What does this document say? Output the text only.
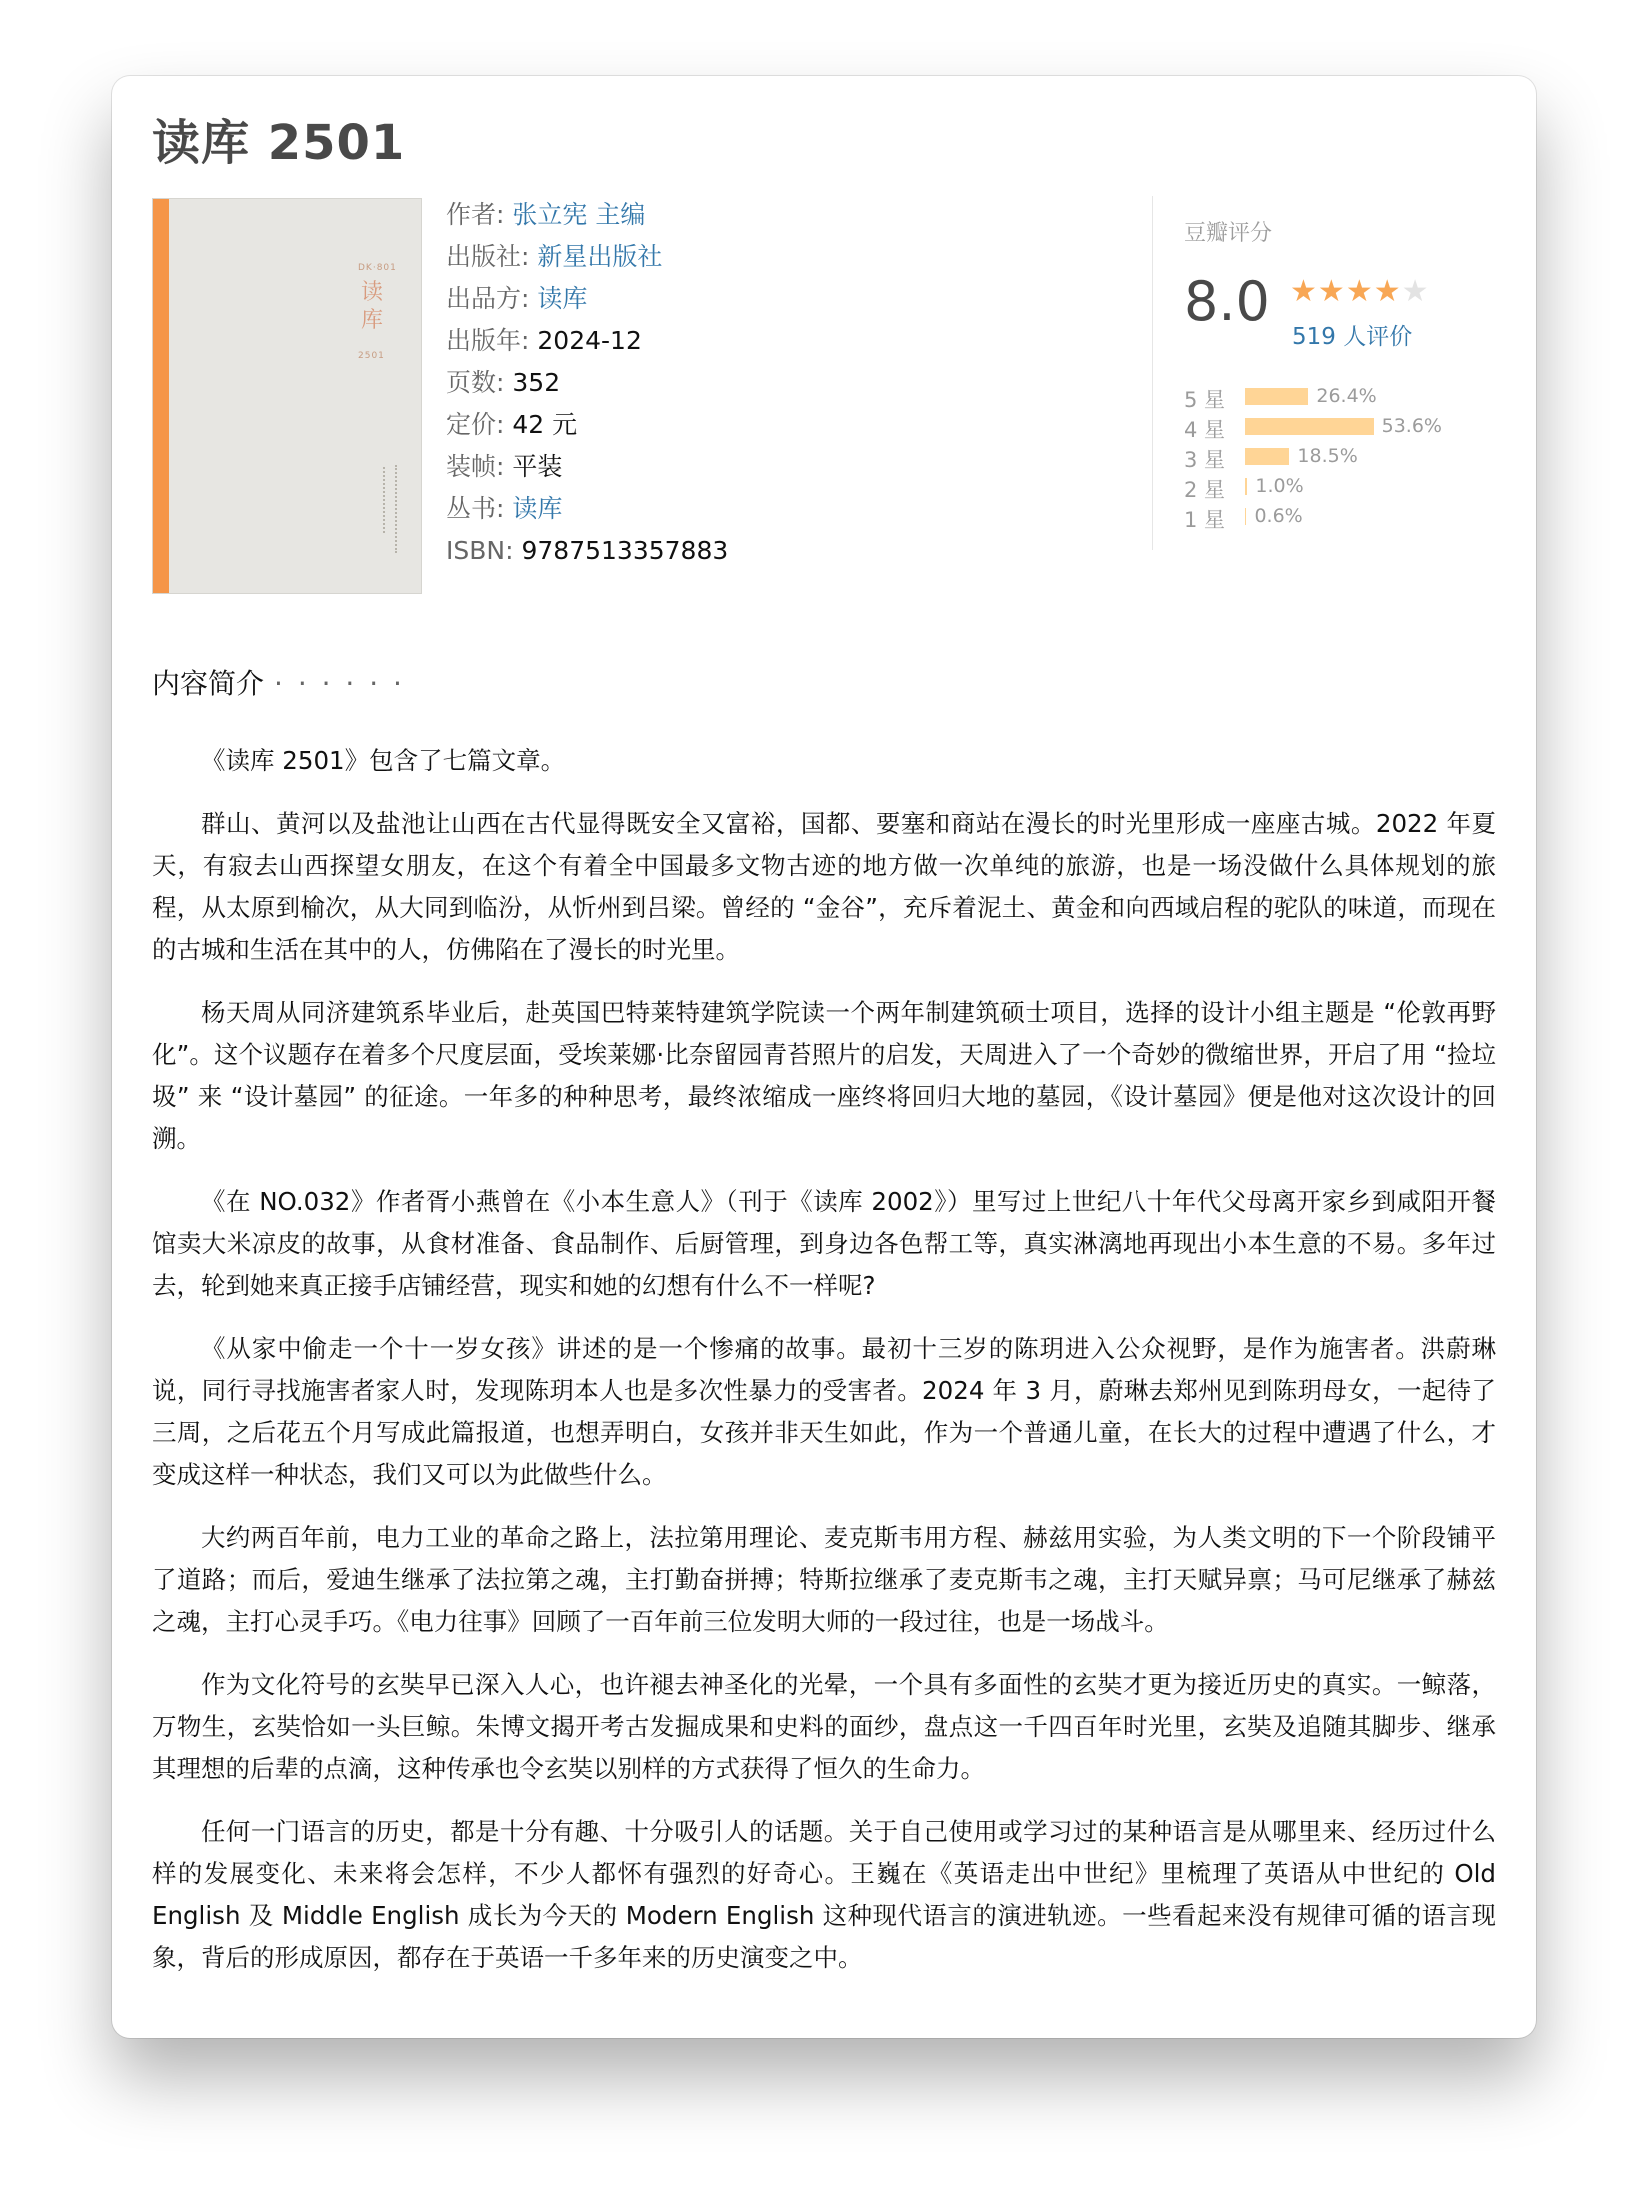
读库 2501
DK·801
读库
2501
作者: 张立宪 主编
出版社: 新星出版社
出品方: 读库
出版年: 2024-12
页数: 352
定价: 42 元
装帧: 平装
丛书: 读库
ISBN: 9787513357883
豆瓣评分
8.0 ★★★★★
519 人评价
5 星	26.4%
4 星	53.6%
3 星	18.5%
2 星	1.0%
1 星	0.6%
内容简介 · · · · · ·

《读库 2501》包含了七篇文章。

群山、黄河以及盐池让山西在古代显得既安全又富裕，国都、要塞和商站在漫长的时光里形成一座座古城。2022 年夏天，有寂去山西探望女朋友，在这个有着全中国最多文物古迹的地方做一次单纯的旅游，也是一场没做什么具体规划的旅程，从太原到榆次，从大同到临汾，从忻州到吕梁。曾经的 “金谷”，充斥着泥土、黄金和向西域启程的驼队的味道，而现在的古城和生活在其中的人，仿佛陷在了漫长的时光里。

杨天周从同济建筑系毕业后，赴英国巴特莱特建筑学院读一个两年制建筑硕士项目，选择的设计小组主题是 “伦敦再野化”。这个议题存在着多个尺度层面，受埃莱娜·比奈留园青苔照片的启发，天周进入了一个奇妙的微缩世界，开启了用 “捡垃圾” 来 “设计墓园” 的征途。一年多的种种思考，最终浓缩成一座终将回归大地的墓园，《设计墓园》便是他对这次设计的回溯。

《在 NO.032》作者胥小燕曾在《小本生意人》（刊于《读库 2002》）里写过上世纪八十年代父母离开家乡到咸阳开餐馆卖大米凉皮的故事，从食材准备、食品制作、后厨管理，到身边各色帮工等，真实淋漓地再现出小本生意的不易。多年过去，轮到她来真正接手店铺经营，现实和她的幻想有什么不一样呢?

《从家中偷走一个十一岁女孩》讲述的是一个惨痛的故事。最初十三岁的陈玥进入公众视野，是作为施害者。洪蔚琳说，同行寻找施害者家人时，发现陈玥本人也是多次性暴力的受害者。2024 年 3 月，蔚琳去郑州见到陈玥母女，一起待了三周，之后花五个月写成此篇报道，也想弄明白，女孩并非天生如此，作为一个普通儿童，在长大的过程中遭遇了什么，才变成这样一种状态，我们又可以为此做些什么。

大约两百年前，电力工业的革命之路上，法拉第用理论、麦克斯韦用方程、赫兹用实验，为人类文明的下一个阶段铺平了道路；而后，爱迪生继承了法拉第之魂，主打勤奋拼搏；特斯拉继承了麦克斯韦之魂，主打天赋异禀；马可尼继承了赫兹之魂，主打心灵手巧。《电力往事》回顾了一百年前三位发明大师的一段过往，也是一场战斗。

作为文化符号的玄奘早已深入人心，也许褪去神圣化的光晕，一个具有多面性的玄奘才更为接近历史的真实。一鲸落，万物生，玄奘恰如一头巨鲸。朱博文揭开考古发掘成果和史料的面纱，盘点这一千四百年时光里，玄奘及追随其脚步、继承其理想的后辈的点滴，这种传承也令玄奘以别样的方式获得了恒久的生命力。

任何一门语言的历史，都是十分有趣、十分吸引人的话题。关于自己使用或学习过的某种语言是从哪里来、经历过什么样的发展变化、未来将会怎样，不少人都怀有强烈的好奇心。王巍在《英语走出中世纪》里梳理了英语从中世纪的 Old English 及 Middle English 成长为今天的 Modern English 这种现代语言的演进轨迹。一些看起来没有规律可循的语言现象，背后的形成原因，都存在于英语一千多年来的历史演变之中。
